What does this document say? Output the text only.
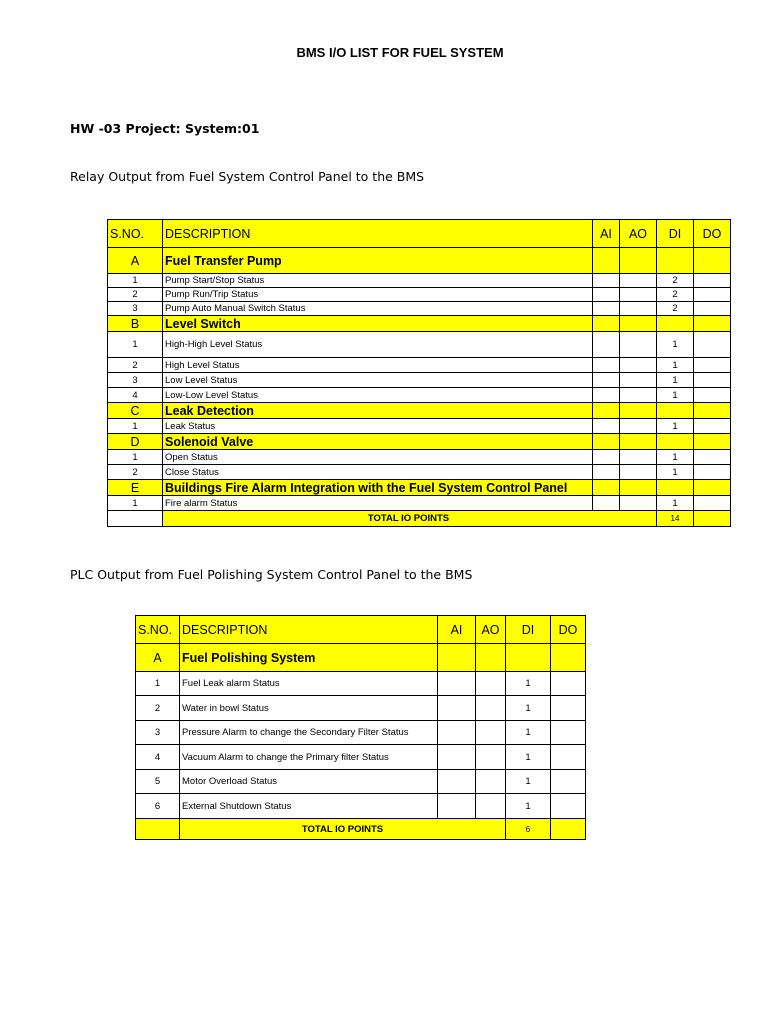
BMS I/O LIST FOR FUEL SYSTEM
HW -03 Project: System:01
Relay Output from Fuel System Control Panel to the BMS
PLC Output from Fuel Polishing System Control Panel to the BMS
S.NO.	DESCRIPTION	AI	AO	DI	DO
A	Fuel Transfer Pump				
1	Pump Start/Stop Status			2	
2	Pump Run/Trip Status			2	
3	Pump Auto Manual Switch Status			2	
B	Level Switch				
1	High-High Level Status			1	
2	High Level Status			1	
3	Low Level Status			1	
4	Low-Low Level Status			1	
C	Leak Detection				
1	Leak Status			1	
D	Solenoid Valve				
1	Open Status			1	
2	Close Status			1	
E	Buildings Fire Alarm Integration with the Fuel System Control Panel				
1	Fire alarm Status			1	
	TOTAL IO POINTS			14	
S.NO.	DESCRIPTION	AI	AO	DI	DO
A	Fuel Polishing System				
1	Fuel Leak alarm Status			1	
2	Water in bowl Status			1	
3	Pressure Alarm to change the Secondary Filter Status			1	
4	Vacuum Alarm to change the Primary filter Status			1	
5	Motor Overload Status			1	
6	External Shutdown Status			1	
	TOTAL IO POINTS			6	
